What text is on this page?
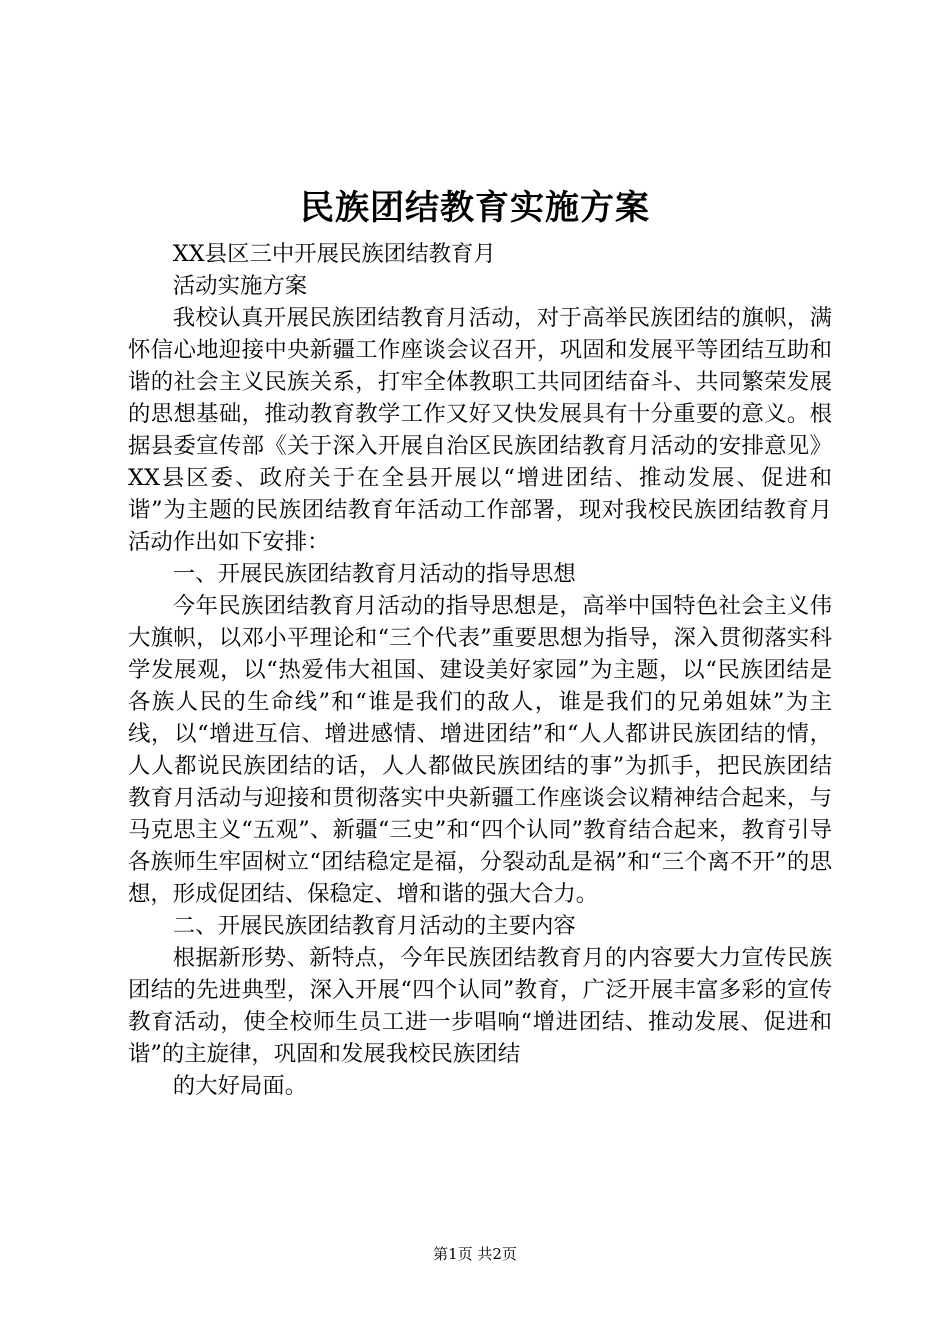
民族团结教育实施方案

XX县区三中开展民族团结教育月

活动实施方案

我校认真开展民族团结教育月活动，对于高举民族团结的旗帜，满怀信心地迎接中央新疆工作座谈会议召开，巩固和发展平等团结互助和谐的社会主义民族关系，打牢全体教职工共同团结奋斗、共同繁荣发展的思想基础，推动教育教学工作又好又快发展具有十分重要的意义。根据县委宣传部《关于深入开展自治区民族团结教育月活动的安排意见》XX县区委、政府关于在全县开展以“增进团结、推动发展、促进和谐”为主题的民族团结教育年活动工作部署，现对我校民族团结教育月活动作出如下安排：

一、开展民族团结教育月活动的指导思想

今年民族团结教育月活动的指导思想是，高举中国特色社会主义伟大旗帜，以邓小平理论和“三个代表”重要思想为指导，深入贯彻落实科学发展观，以“热爱伟大祖国、建设美好家园”为主题，以“民族团结是各族人民的生命线”和“谁是我们的敌人，谁是我们的兄弟姐妹”为主线，以“增进互信、增进感情、增进团结”和“人人都讲民族团结的情，人人都说民族团结的话，人人都做民族团结的事”为抓手，把民族团结教育月活动与迎接和贯彻落实中央新疆工作座谈会议精神结合起来，与马克思主义“五观”、新疆“三史”和“四个认同”教育结合起来，教育引导各族师生牢固树立“团结稳定是福，分裂动乱是祸”和“三个离不开”的思想，形成促团结、保稳定、增和谐的强大合力。

二、开展民族团结教育月活动的主要内容

根据新形势、新特点，今年民族团结教育月的内容要大力宣传民族团结的先进典型，深入开展“四个认同”教育，广泛开展丰富多彩的宣传教育活动，使全校师生员工进一步唱响“增进团结、推动发展、促进和谐”的主旋律，巩固和发展我校民族团结

的大好局面。

第1页 共2页
